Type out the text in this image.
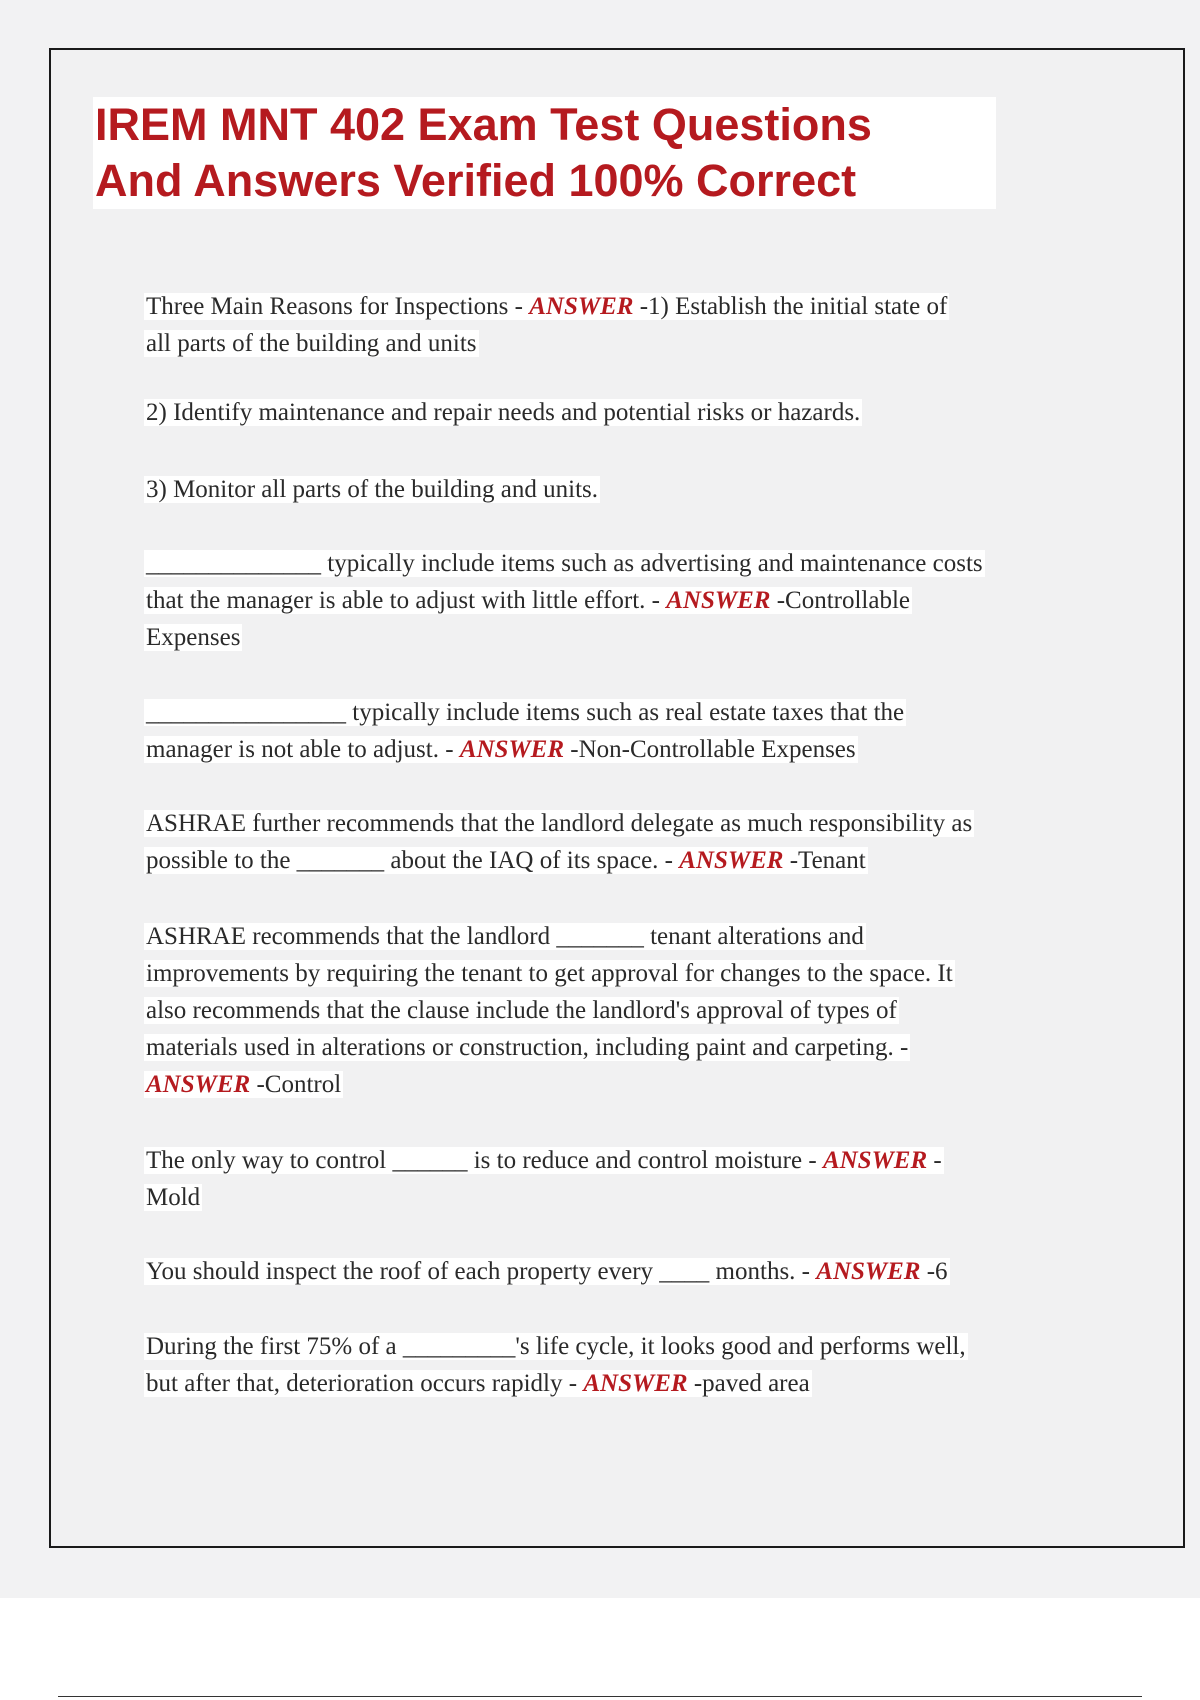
IREM MNT 402 Exam Test Questions
And Answers Verified 100% Correct
Three Main Reasons for Inspections - ANSWER -1) Establish the initial state of
all parts of the building and units
2) Identify maintenance and repair needs and potential risks or hazards.
3) Monitor all parts of the building and units.
______________ typically include items such as advertising and maintenance costs
that the manager is able to adjust with little effort. - ANSWER -Controllable
Expenses
________________ typically include items such as real estate taxes that the
manager is not able to adjust. - ANSWER -Non-Controllable Expenses
ASHRAE further recommends that the landlord delegate as much responsibility as
possible to the _______ about the IAQ of its space. - ANSWER -Tenant
ASHRAE recommends that the landlord _______ tenant alterations and
improvements by requiring the tenant to get approval for changes to the space. It
also recommends that the clause include the landlord's approval of types of
materials used in alterations or construction, including paint and carpeting. -
ANSWER -Control
The only way to control ______ is to reduce and control moisture - ANSWER -
Mold
You should inspect the roof of each property every ____ months. - ANSWER -6
During the first 75% of a _________'s life cycle, it looks good and performs well,
but after that, deterioration occurs rapidly - ANSWER -paved area
